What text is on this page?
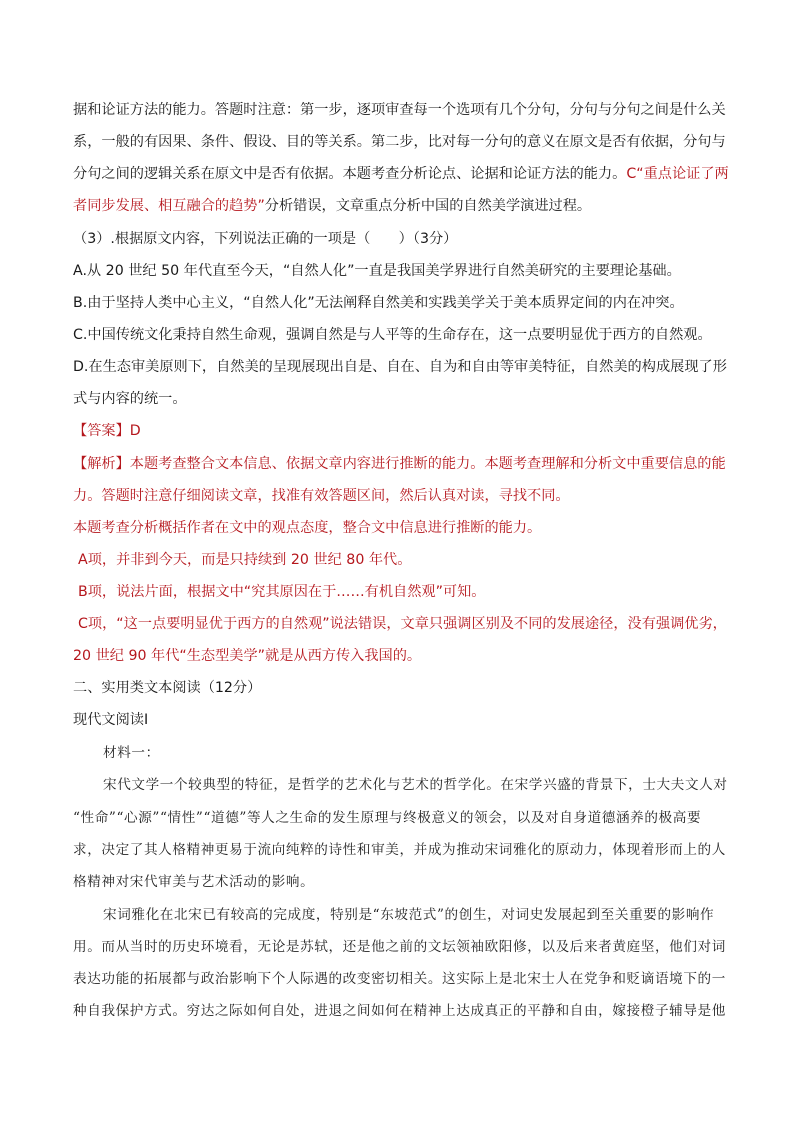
据和论证方法的能力。答题时注意：第一步，逐项审查每一个选项有几个分句，分句与分句之间是什么关
系，一般的有因果、条件、假设、目的等关系。第二步，比对每一分句的意义在原文是否有依据，分句与
分句之间的逻辑关系在原文中是否有依据。本题考查分析论点、论据和论证方法的能力。C“重点论证了两
者同步发展、相互融合的趋势”分析错误，文章重点分析中国的自然美学演进过程。
（3）.根据原文内容，下列说法正确的一项是（　　）（3分）
A.从 20 世纪 50 年代直至今天，“自然人化”一直是我国美学界进行自然美研究的主要理论基础。
B.由于坚持人类中心主义，“自然人化”无法阐释自然美和实践美学关于美本质界定间的内在冲突。
C.中国传统文化秉持自然生命观，强调自然是与人平等的生命存在，这一点要明显优于西方的自然观。
D.在生态审美原则下，自然美的呈现展现出自是、自在、自为和自由等审美特征，自然美的构成展现了形
式与内容的统一。
【答案】D
【解析】本题考查整合文本信息、依据文章内容进行推断的能力。本题考查理解和分析文中重要信息的能
力。答题时注意仔细阅读文章，找准有效答题区间，然后认真对读，寻找不同。
本题考查分析概括作者在文中的观点态度，整合文中信息进行推断的能力。
A项，并非到今天，而是只持续到 20 世纪 80 年代。
B项，说法片面，根据文中“究其原因在于……有机自然观”可知。
C项，“这一点要明显优于西方的自然观”说法错误，文章只强调区别及不同的发展途径，没有强调优劣，
20 世纪 90 年代“生态型美学”就是从西方传入我国的。
二、实用类文本阅读（12分）
现代文阅读Ⅰ
材料一：
宋代文学一个较典型的特征，是哲学的艺术化与艺术的哲学化。在宋学兴盛的背景下，士大夫文人对
“性命”“心源”“情性”“道德”等人之生命的发生原理与终极意义的领会，以及对自身道德涵养的极高要
求，决定了其人格精神更易于流向纯粹的诗性和审美，并成为推动宋词雅化的原动力，体现着形而上的人
格精神对宋代审美与艺术活动的影响。
宋词雅化在北宋已有较高的完成度，特别是“东坡范式”的创生，对词史发展起到至关重要的影响作
用。而从当时的历史环境看，无论是苏轼，还是他之前的文坛领袖欧阳修，以及后来者黄庭坚，他们对词
表达功能的拓展都与政治影响下个人际遇的改变密切相关。这实际上是北宋士人在党争和贬谪语境下的一
种自我保护方式。穷达之际如何自处，进退之间如何在精神上达成真正的平静和自由，嫁接橙子辅导是他
